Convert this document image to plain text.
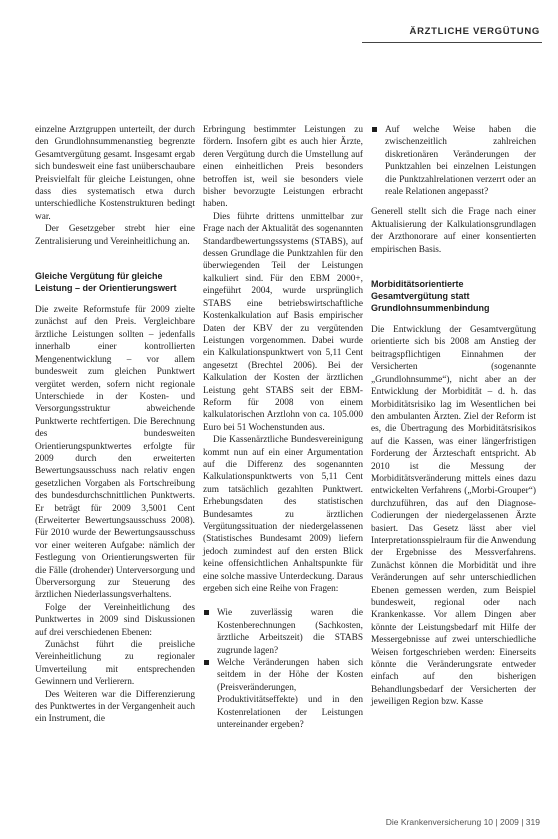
ÄRZTLICHE VERGÜTUNG

einzelne Arztgruppen unterteilt, der durch den Grundlohnsummenanstieg begrenzte Gesamtvergütung gesamt. Insgesamt ergab sich bundesweit eine fast unüberschaubare Preisvielfalt für gleiche Leistungen, ohne dass dies systematisch etwa durch unterschiedliche Kostenstrukturen bedingt war.

Der Gesetzgeber strebt hier eine Zentralisierung und Vereinheitlichung an.

Gleiche Vergütung für gleiche Leistung – der Orientierungswert

Die zweite Reformstufe für 2009 zielte zunächst auf den Preis. Vergleichbare ärztliche Leistungen sollten – jedenfalls innerhalb einer kontrollierten Mengenentwicklung – vor allem bundesweit zum gleichen Punktwert vergütet werden, sofern nicht regionale Unterschiede in der Kosten- und Versorgungsstruktur abweichende Punktwerte rechtfertigen. Die Berechnung des bundesweiten Orientierungspunktwertes erfolgte für 2009 durch den erweiterten Bewertungsausschuss nach relativ engen gesetzlichen Vorgaben als Fortschreibung des bundesdurchschnittlichen Punktwerts. Er beträgt für 2009 3,5001 Cent (Erweiterter Bewertungsausschuss 2008). Für 2010 wurde der Bewertungsausschuss vor einer weiteren Aufgabe: nämlich der Festlegung von Orientierungswerten für die Fälle (drohender) Unterversorgung und Überversorgung zur Steuerung des ärztlichen Niederlassungsverhaltens.

Folge der Vereinheitlichung des Punktwertes in 2009 sind Diskussionen auf drei verschiedenen Ebenen:

Zunächst führt die preisliche Vereinheitlichung zu regionaler Umverteilung mit entsprechenden Gewinnern und Verlierern.

Des Weiteren war die Differenzierung des Punktwertes in der Vergangenheit auch ein Instrument, die

Erbringung bestimmter Leistungen zu fördern. Insofern gibt es auch hier Ärzte, deren Vergütung durch die Umstellung auf einen einheitlichen Preis besonders betroffen ist, weil sie besonders viele bisher bevorzugte Leistungen erbracht haben.

Dies führte drittens unmittelbar zur Frage nach der Aktualität des sogenannten Standardbewertungssystems (STABS), auf dessen Grundlage die Punktzahlen für den überwiegenden Teil der Leistungen kalkuliert sind. Für den EBM 2000+, eingeführt 2004, wurde ursprünglich STABS eine betriebswirtschaftliche Kostenkalkulation auf Basis empirischer Daten der KBV der zu vergütenden Leistungen vorgenommen. Dabei wurde ein Kalkulationspunktwert von 5,11 Cent angesetzt (Brechtel 2006). Bei der Kalkulation der Kosten der ärztlichen Leistung geht STABS seit der EBM-Reform für 2008 von einem kalkulatorischen Arztlohn von ca. 105.000 Euro bei 51 Wochenstunden aus.

Die Kassenärztliche Bundesvereinigung kommt nun auf ein einer Argumentation auf die Differenz des sogenannten Kalkulationspunktwerts von 5,11 Cent zum tatsächlich gezahlten Punktwert. Erhebungsdaten des statistischen Bundesamtes zu ärztlichen Vergütungssituation der niedergelassenen (Statistisches Bundesamt 2009) liefern jedoch zumindest auf den ersten Blick keine offensichtlichen Anhaltspunkte für eine solche massive Unterdeckung. Daraus ergeben sich eine Reihe von Fragen:

Wie zuverlässig waren die Kostenberechnungen (Sachkosten, ärztliche Arbeitszeit) die STABS zugrunde lagen?
Welche Veränderungen haben sich seitdem in der Höhe der Kosten (Preisveränderungen, Produktivitätseffekte) und in den Kostenrelationen der Leistungen untereinander ergeben?
Auf welche Weise haben die zwischenzeitlich zahlreichen diskretionären Veränderungen der Punktzahlen bei einzelnen Leistungen die Punktzahlrelationen verzerrt oder an reale Relationen angepasst?

Generell stellt sich die Frage nach einer Aktualisierung der Kalkulationsgrundlagen der Arzthonorare auf einer konsentierten empirischen Basis.

Morbiditätsorientierte Gesamtvergütung statt Grundlohnsummenbindung

Die Entwicklung der Gesamtvergütung orientierte sich bis 2008 am Anstieg der beitragspflichtigen Einnahmen der Versicherten (sogenannte „Grundlohnsumme“), nicht aber an der Entwicklung der Morbidität – d. h. das Morbiditätsrisiko lag im Wesentlichen bei den ambulanten Ärzten. Ziel der Reform ist es, die Übertragung des Morbiditätsrisikos auf die Kassen, was einer längerfristigen Forderung der Ärzteschaft entspricht. Ab 2010 ist die Messung der Morbiditätsveränderung mittels eines dazu entwickelten Verfahrens („Morbi-Grouper“) durchzuführen, das auf den Diagnose-Codierungen der niedergelassenen Ärzte basiert. Das Gesetz lässt aber viel Interpretationsspielraum für die Anwendung der Ergebnisse des Messverfahrens. Zunächst können die Morbidität und ihre Veränderungen auf sehr unterschiedlichen Ebenen gemessen werden, zum Beispiel bundesweit, regional oder nach Krankenkasse. Vor allem Dingen aber könnte der Leistungsbedarf mit Hilfe der Messergebnisse auf zwei unterschiedliche Weisen fortgeschrieben werden: Einerseits könnte die Veränderungsrate entweder einfach auf den bisherigen Behandlungsbedarf der Versicherten der jeweiligen Region bzw. Kasse

Die Krankenversicherung 10 | 2009 | 319
